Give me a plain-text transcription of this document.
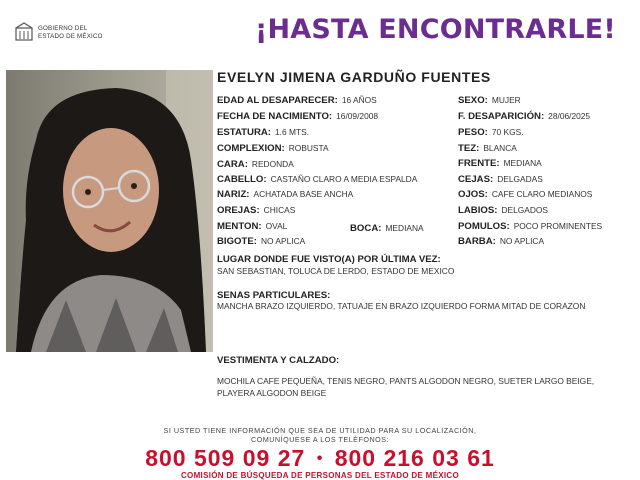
GOBIERNO DEL
ESTADO DE MÉXICO	¡HASTA ENCONTRARLE!
EVELYN JIMENA GARDUÑO FUENTES
EDAD AL DESAPARECER: 16 AÑOS
FECHA DE NACIMIENTO: 16/09/2008
ESTATURA: 1.6 MTS.
COMPLEXION: ROBUSTA
CARA: REDONDA
CABELLO: CASTAÑO CLARO A MEDIA ESPALDA
NARIZ: ACHATADA BASE ANCHA
OREJAS: CHICAS
MENTON: OVAL	BOCA: MEDIANA
BIGOTE: NO APLICA
SEXO: MUJER
F. DESAPARICIÓN: 28/06/2025
PESO: 70 KGS.
TEZ: BLANCA
FRENTE: MEDIANA
CEJAS: DELGADAS
OJOS: CAFE CLARO MEDIANOS
LABIOS: DELGADOS
POMULOS: POCO PROMINENTES
BARBA: NO APLICA
LUGAR DONDE FUE VISTO(A) POR ÚLTIMA VEZ:
SAN SEBASTIAN, TOLUCA DE LERDO, ESTADO DE MEXICO
SENAS PARTICULARES:
MANCHA BRAZO IZQUIERDO, TATUAJE EN BRAZO IZQUIERDO FORMA MITAD DE CORAZON
VESTIMENTA Y CALZADO:
MOCHILA CAFE PEQUEÑA, TENIS NEGRO, PANTS ALGODON NEGRO, SUETER LARGO BEIGE, PLAYERA ALGODON BEIGE
SI USTED TIENE INFORMACIÓN QUE SEA DE UTILIDAD PARA SU LOCALIZACIÓN,
COMUNÍQUESE A LOS TELÉFONOS:
800 509 09 27 • 800 216 03 61
COMISIÓN DE BÚSQUEDA DE PERSONAS DEL ESTADO DE MÉXICO
